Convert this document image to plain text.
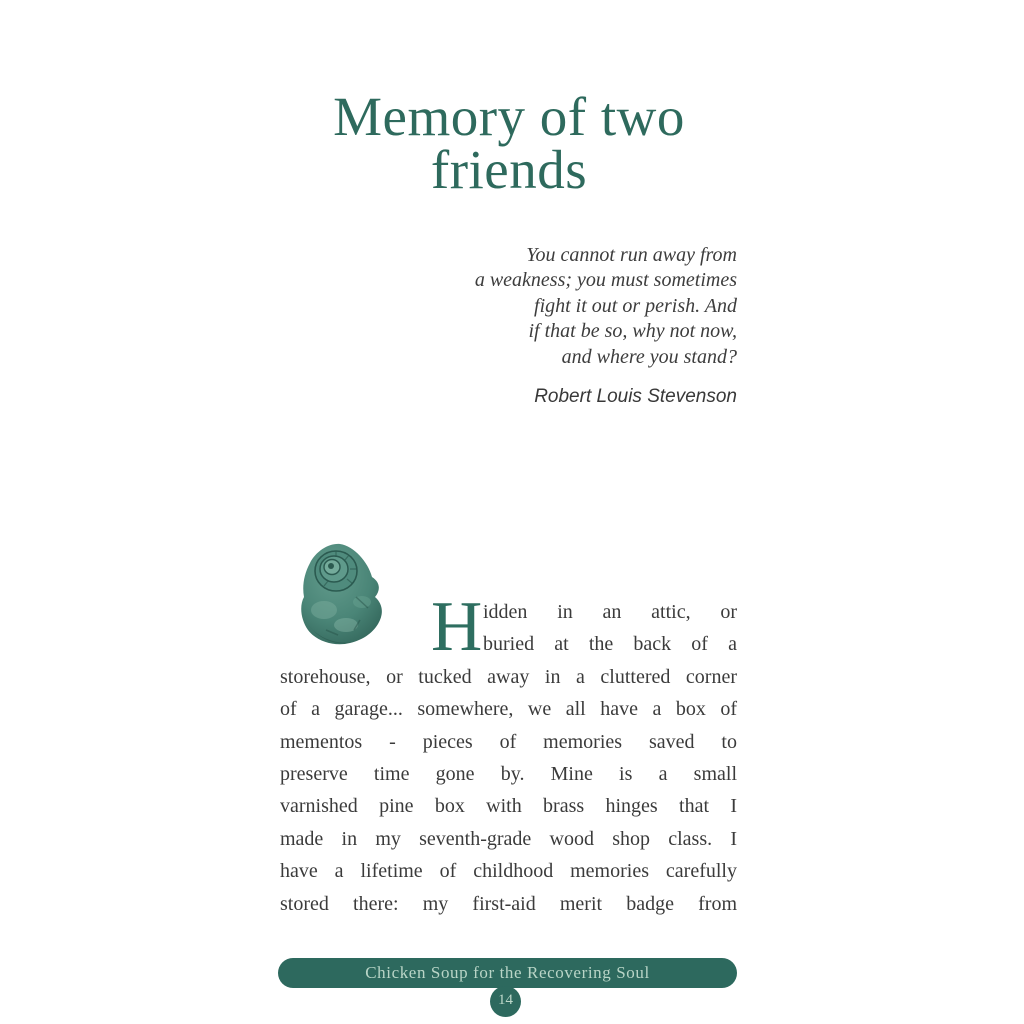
Memory of two
friends
You cannot run away from
a weakness; you must sometimes
fight it out or perish. And
if that be so, why not now,
and where you stand?
Robert Louis Stevenson
H idden in an attic, or
buried at the back of a
storehouse, or tucked away in a cluttered corner
of a garage... somewhere, we all have a box of
mementos - pieces of memories saved to
preserve time gone by. Mine is a small
varnished pine box with brass hinges that I
made in my seventh-grade wood shop class. I
have a lifetime of childhood memories carefully
stored there: my first-aid merit badge from
Chicken Soup for the Recovering Soul
14
